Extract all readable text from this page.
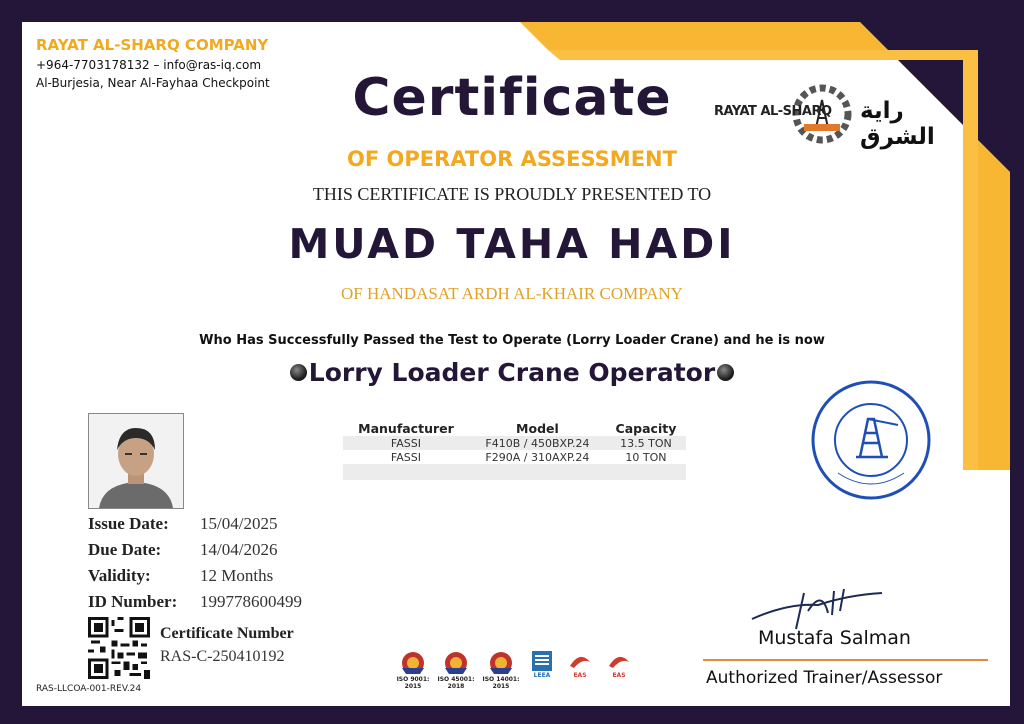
RAYAT AL-SHARQ COMPANY
+964-7703178132 – info@ras-iq.com
Al-Burjesia, Near Al-Fayhaa Checkpoint
RAYAT AL-SHARQ راية الشرق
Certificate
OF OPERATOR ASSESSMENT
THIS CERTIFICATE IS PROUDLY PRESENTED TO
MUAD TAHA HADI
OF HANDASAT ARDH AL-KHAIR COMPANY
Who Has Successfully Passed the Test to Operate (Lorry Loader Crane) and he is now
Lorry Loader Crane Operator
Manufacturer	Model	Capacity
FASSI	F410B / 450BXP.24	13.5 TON
FASSI	F290A / 310AXP.24	10 TON

Issue Date: 15/04/2025
Due Date: 14/04/2026
Validity:	12 Months
ID Number: 199778600499
Certificate Number
RAS-C-250410192
RAS-LLCOA-001-REV.24
ISO 9001:
2015
ISO 45001:
2018
ISO 14001:
2015
LEEA	EAS	EAS
Mustafa Salman
Authorized Trainer/Assessor
